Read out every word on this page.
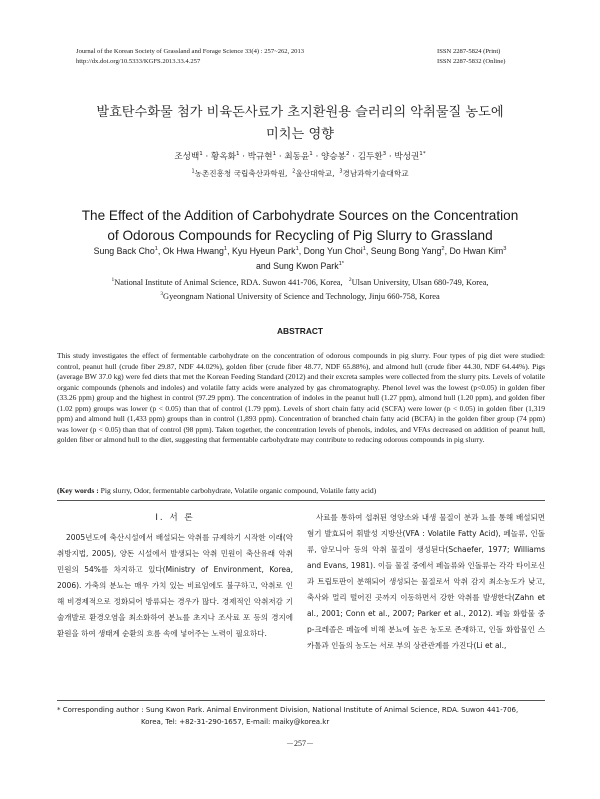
Journal of the Korean Society of Grassland and Forage Science 33(4) : 257~262, 2013
http://dx.doi.org/10.5333/KGFS.2013.33.4.257
ISSN 2287-5824 (Print)
ISSN 2287-5832 (Online)
발효탄수화물 첨가 비육돈사료가 초지환원용 슬러리의 악취물질 농도에
미치는 영향
조성백$^1$ · 황옥화$^1$ · 박규현$^1$ · 최동윤$^1$ · 양승봉$^2$ · 김두환$^3$ · 박성권$^{1*}$
$^1$농촌진흥청 국립축산과학원, $^2$울산대학교, $^3$경남과학기술대학교
The Effect of the Addition of Carbohydrate Sources on the Concentration
of Odorous Compounds for Recycling of Pig Slurry to Grassland
Sung Back Cho$^1$, Ok Hwa Hwang$^1$, Kyu Hyeun Park$^1$, Dong Yun Choi$^1$, Seung Bong Yang$^2$, Do Hwan Kim$^3$
and Sung Kwon Park$^{1*}$
$^1$National Institute of Animal Science, RDA. Suwon 441-706, Korea, $^2$Ulsan University, Ulsan 680-749, Korea,
$^3$Gyeongnam National University of Science and Technology, Jinju 660-758, Korea
ABSTRACT
This study investigates the effect of fermentable carbohydrate on the concentration of odorous compounds in pig slurry. Four types of pig diet were studied: control, peanut hull (crude fiber 29.87, NDF 44.02%), golden fiber (crude fiber 48.77, NDF 65.88%), and almond hull (crude fiber 44.30, NDF 64.44%). Pigs (average BW 37.0 kg) were fed diets that met the Korean Feeding Standard (2012) and their excreta samples were collected from the slurry pits. Levels of volatile organic compounds (phenols and indoles) and volatile fatty acids were analyzed by gas chromatography. Phenol level was the lowest (p<0.05) in golden fiber (33.26 ppm) group and the highest in control (97.29 ppm). The concentration of indoles in the peanut hull (1.27 ppm), almond hull (1.20 ppm), and golden fiber (1.02 ppm) groups was lower (p < 0.05) than that of control (1.79 ppm). Levels of short chain fatty acid (SCFA) were lower (p < 0.05) in golden fiber (1,319 ppm) and almond hull (1,433 ppm) groups than in control (1,893 ppm). Concentration of branched chain fatty acid (BCFA) in the golden fiber group (74 ppm) was lower (p < 0.05) than that of control (98 ppm). Taken together, the concentration levels of phenols, indoles, and VFAs decreased on addition of peanut hull, golden fiber or almond hull to the diet, suggesting that fermentable carbohydrate may contribute to reducing odorous compounds in pig slurry.
(Key words : Pig slurry, Odor, fermentable carbohydrate, Volatile organic compound, Volatile fatty acid)
Ⅰ. 서 론
2005년도에 축산시설에서 배설되는 악취를 규제하기 시작한 이래(악취방지법, 2005), 양돈 시설에서 발생되는 악취 민원이 축산유래 악취 민원의 54%를 차지하고 있다(Ministry of Environment, Korea, 2006). 가축의 분뇨는 매우 가치 있는 비료임에도 불구하고, 악취로 인해 비경제적으로 정화되어 방류되는 경우가 많다. 경제적인 악취저감 기술개발로 환경오염을 최소화하여 분뇨를 초지나 조사료 포 등의 경지에 환원을 하여 생태계 순환의 흐름 속에 넣어주는 노력이 필요하다.
사료를 통하여 섭취된 영양소와 내생 물질이 분과 뇨를 통해 배설되면 혐기 발효되어 휘발성 지방산(VFA : Volatile Fatty Acid), 페놀류, 인돌류, 암모니아 등의 악취 물질이 생성된다(Schaefer, 1977; Williams and Evans, 1981). 이들 물질 중에서 페놀류와 인돌류는 각각 타이로신과 트립토판이 분해되어 생성되는 물질로서 악취 감지 최소농도가 낮고, 축사와 멀리 떨어진 곳까지 이동하면서 강한 악취를 발생한다(Zahn et al., 2001; Conn et al., 2007; Parker et al., 2012). 페놀 화합물 중 p-크레졸은 페놀에 비해 분뇨에 높은 농도로 존재하고, 인돌 화합물인 스카톨과 인돌의 농도는 서로 부의 상관관계를 가진다(Li et al.,
* Corresponding author : Sung Kwon Park. Animal Environment Division, National Institute of Animal Science, RDA. Suwon 441-706,
Korea, Tel: +82-31-290-1657, E-mail: maiky@korea.kr
－257－
